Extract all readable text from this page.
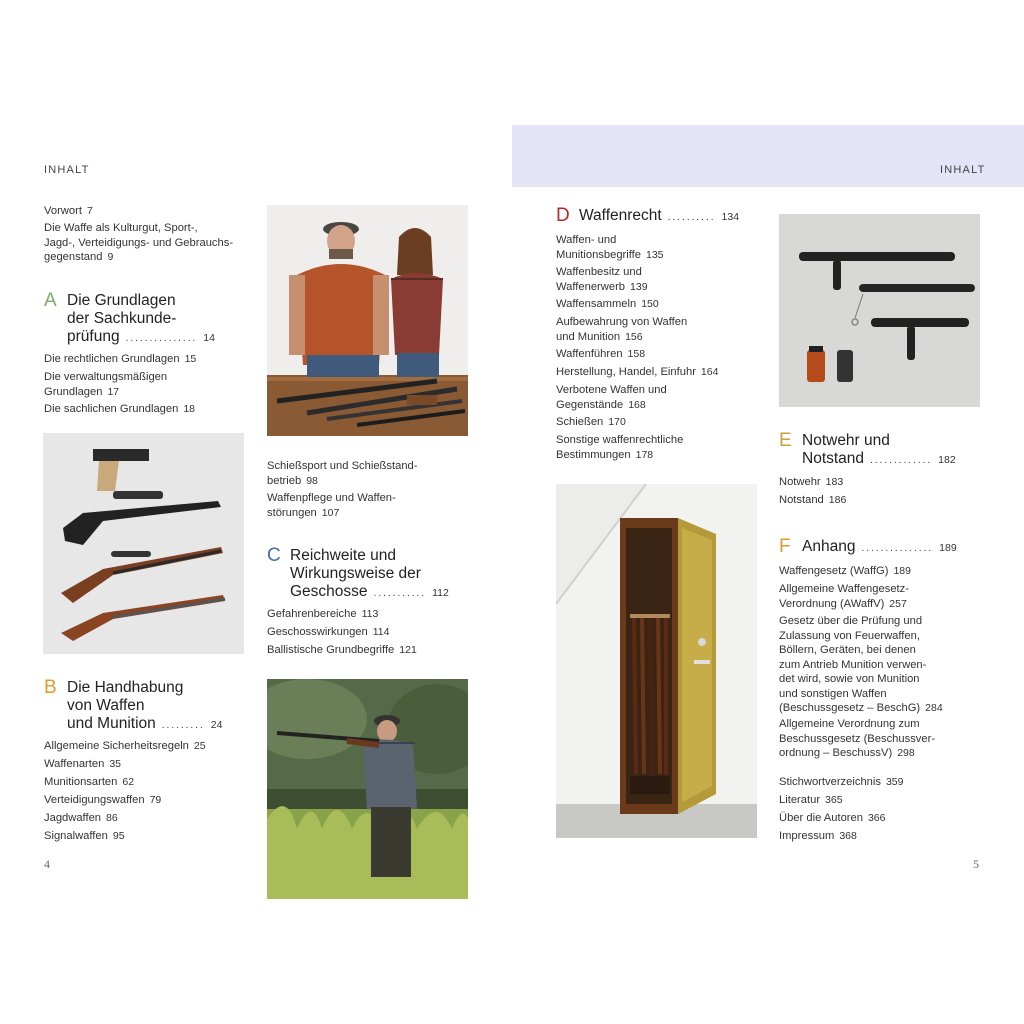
INHALT	INHALT
Vorwort 7
Die Waffe als Kulturgut, Sport-,
Jagd-, Verteidigungs- und Gebrauchs-
gegenstand 9
A Die Grundlagen
der Sachkunde-
prüfung ............... 14
Die rechtlichen Grundlagen 15
Die verwaltungsmäßigen
Grundlagen 17
Die sachlichen Grundlagen 18
Schießsport und Schießstand-
betrieb 98
Waffenpflege und Waffen-
störungen 107
C Reichweite und
Wirkungsweise der
Geschosse ........... 112
Gefahrenbereiche 113
Geschosswirkungen 114
Ballistische Grundbegriffe 121
B Die Handhabung
von Waffen
und Munition ......... 24
Allgemeine Sicherheitsregeln 25
Waffenarten 35
Munitionsarten 62
Verteidigungswaffen 79
Jagdwaffen 86
Signalwaffen 95
4
D Waffenrecht .......... 134
Waffen- und
Munitionsbegriffe 135
Waffenbesitz und
Waffenerwerb 139
Waffensammeln 150
Aufbewahrung von Waffen
und Munition 156
Waffenführen 158
Herstellung, Handel, Einfuhr 164
Verbotene Waffen und
Gegenstände 168
Schießen 170
Sonstige waffenrechtliche
Bestimmungen 178
E Notwehr und
Notstand ............. 182
Notwehr 183
Notstand 186
F Anhang ............... 189
Waffengesetz (WaffG) 189
Allgemeine Waffengesetz-
Verordnung (AWaffV) 257
Gesetz über die Prüfung und
Zulassung von Feuerwaffen,
Böllern, Geräten, bei denen
zum Antrieb Munition verwen-
det wird, sowie von Munition
und sonstigen Waffen
(Beschussgesetz – BeschG) 284
Allgemeine Verordnung zum
Beschussgesetz (Beschussver-
ordnung – BeschussV) 298
Stichwortverzeichnis 359
Literatur 365
Über die Autoren 366
Impressum 368
5
